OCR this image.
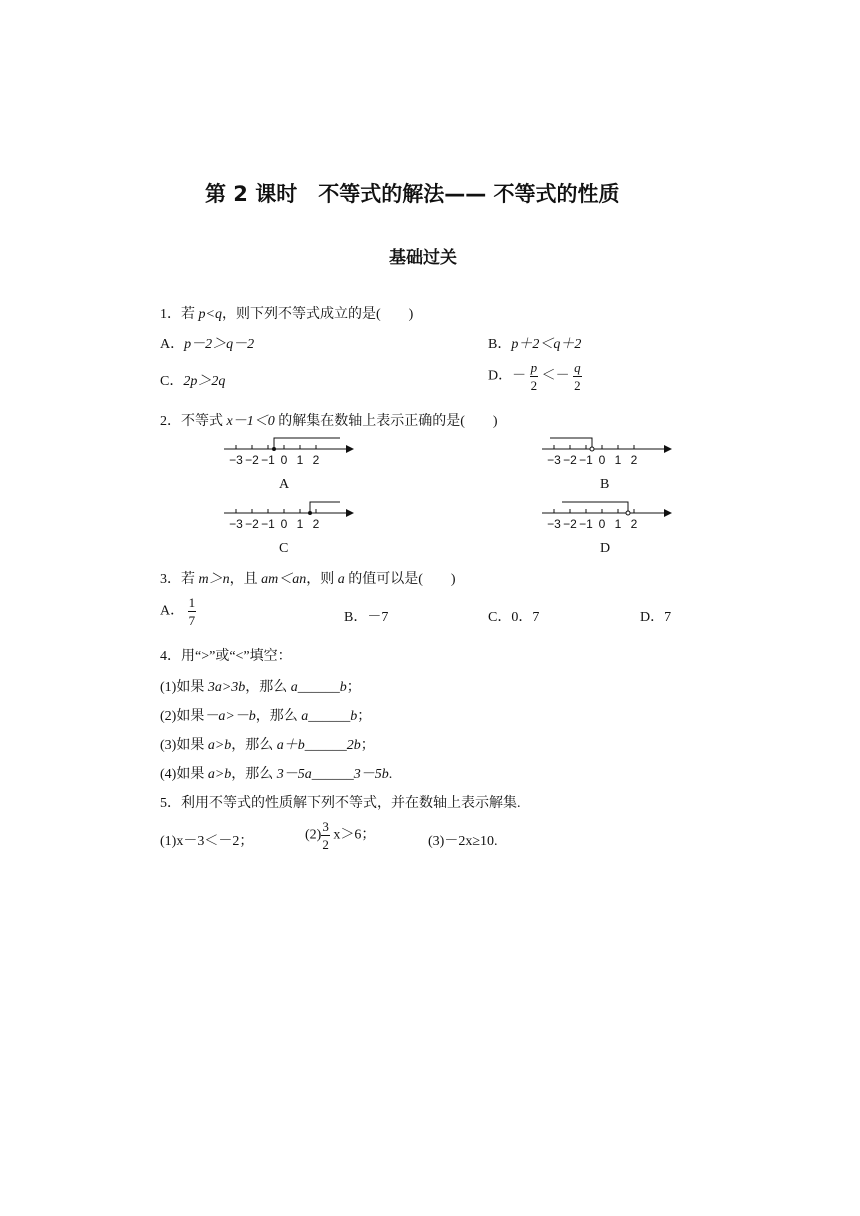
第 2 课时　不等式的解法—— 不等式的性质
基础过关
1．若 p<q，则下列不等式成立的是(　　)
A．p－2＞q－2	B．p＋2＜q＋2
C．2p＞2q	D．－ $\frac{p}{2} <- \frac{q}{2}$
2．不等式 x－1＜0 的解集在数轴上表示正确的是(　　)
−3 −2 −1 0 1 2
A
−3 −2 −1 0 1 2
B
−3 −2 −1 0 1 2
C
−3 −2 −1 0 1 2
D
3．若 m＞n，且 am＜an，则 a 的值可以是(　　)
A． $\frac{1}{7}$	B．－7	C．0．7	D．7
4．用“>”或“<”填空：
(1)如果 3a>3b，那么 a______b；
(2)如果－a>－b，那么 a______b；
(3)如果 a>b，那么 a＋b______2b；
(4)如果 a>b，那么 3－5a______3－5b.
5．利用不等式的性质解下列不等式，并在数轴上表示解集.
(1)x－3＜－2；	$(2) \frac{3}{2} x>6$；	(3)－2x≥10.
